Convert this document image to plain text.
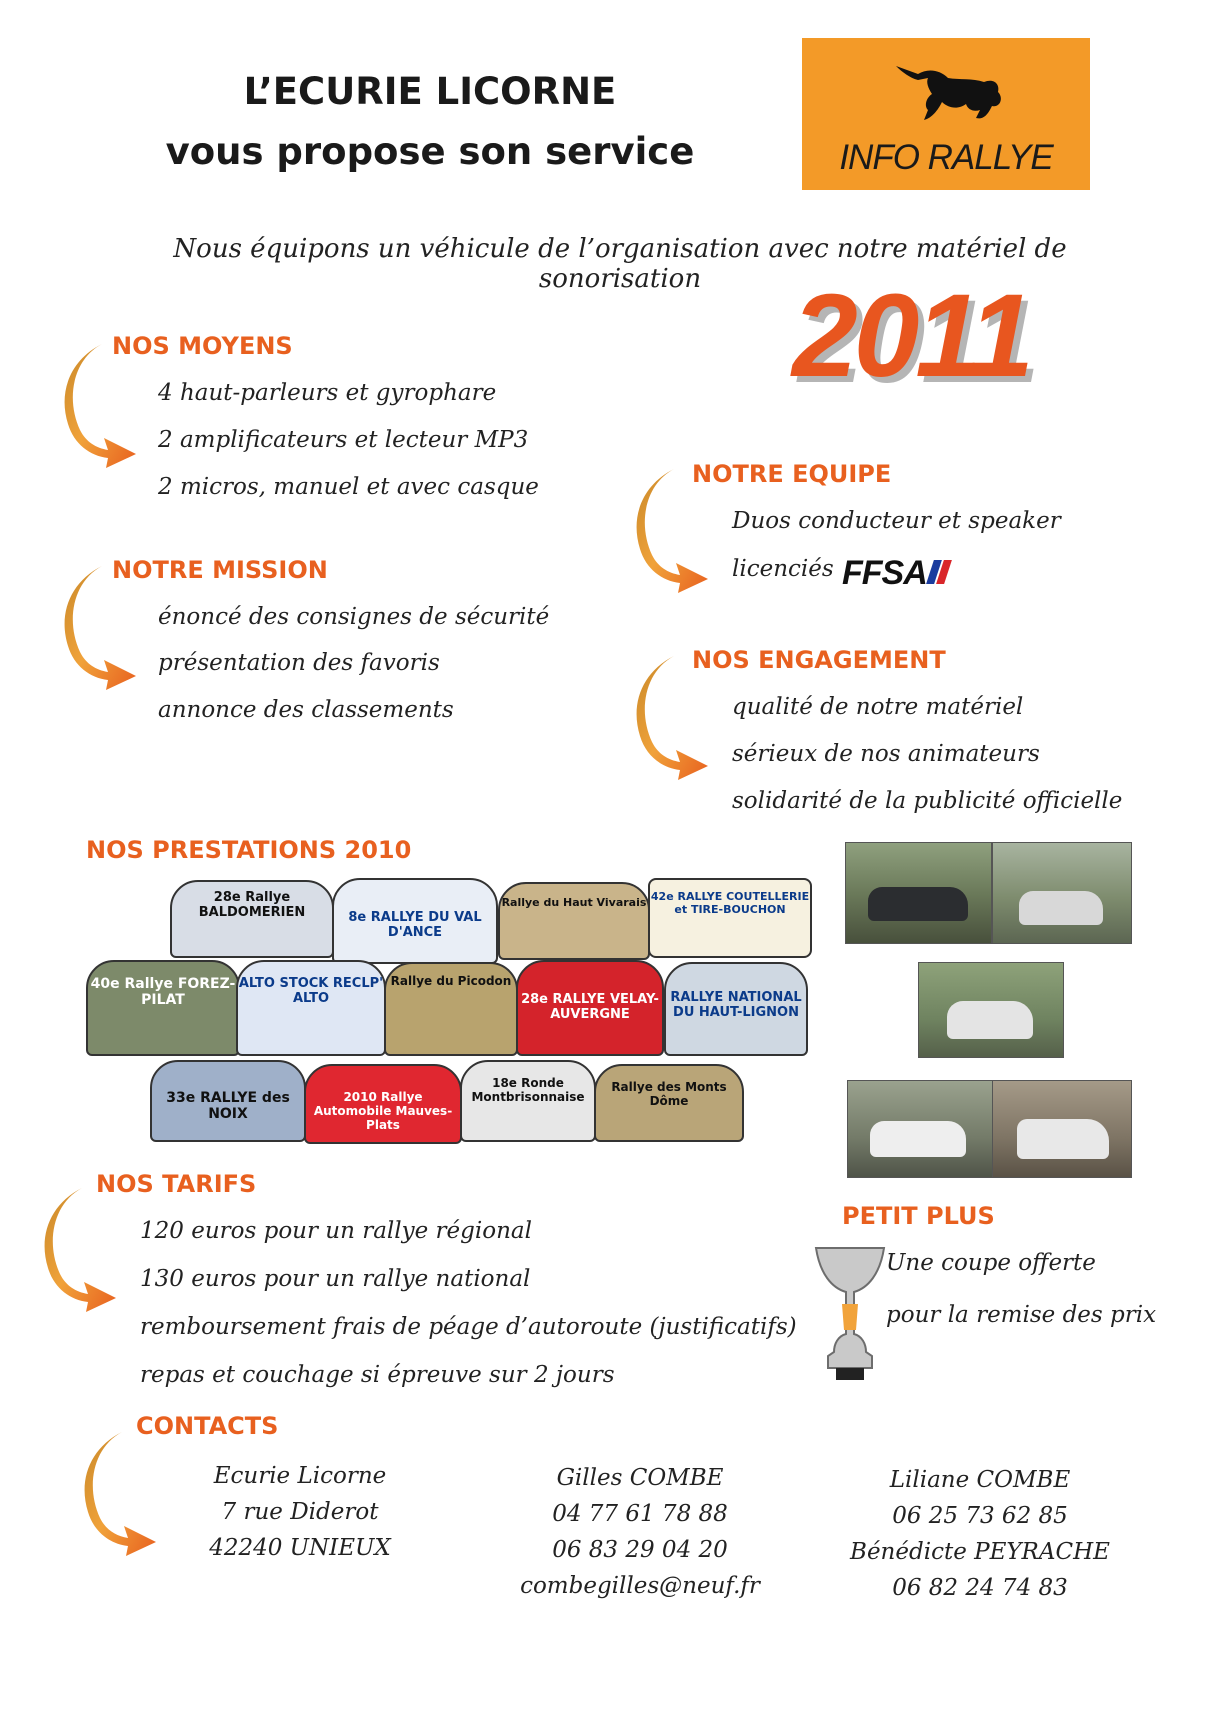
L’ECURIE LICORNE
vous propose son service	INFO RALLYE
Nous équipons un véhicule de l’organisation avec notre matériel de sonorisation 2011
NOS MOYENS
4 haut-parleurs et gyrophare
2 amplificateurs et lecteur MP3
2 micros, manuel et avec casque	NOTRE EQUIPE
Duos conducteur et speaker
licenciés FFSA
NOTRE MISSION
énoncé des consignes de sécurité
présentation des favoris
annonce des classements
NOS ENGAGEMENT
qualité de notre matériel
sérieux de nos animateurs
solidarité de la publicité officielle
NOS PRESTATIONS 2010
28e Rallye BALDOMERIEN	8e RALLYE DU VAL D'ANCE
Rallye du Haut Vivarais 42e RALLYE COUTELLERIE et TIRE-BOUCHON
40e Rallye FOREZ-PILAT
ALTO STOCK RECLP' ALTO
Rallye du Picodon
28e RALLYE VELAY-AUVERGNE
RALLYE NATIONAL DU HAUT-LIGNON
33e RALLYE des NOIX
2010 Rallye Automobile Mauves-Plats
18e Ronde Montbrisonnaise
Rallye des Monts Dôme
NOS TARIFS
120 euros pour un rallye régional
130 euros pour un rallye national
remboursement frais de péage d’autoroute (justificatifs)
repas et couchage si épreuve sur 2 jours
PETIT PLUS
Une coupe offerte
pour la remise des prix
CONTACTS
Ecurie Licorne
7 rue Diderot
42240 UNIEUX
Gilles COMBE
04 77 61 78 88
06 83 29 04 20
combegilles@neuf.fr
Liliane COMBE
06 25 73 62 85
Bénédicte PEYRACHE
06 82 24 74 83
